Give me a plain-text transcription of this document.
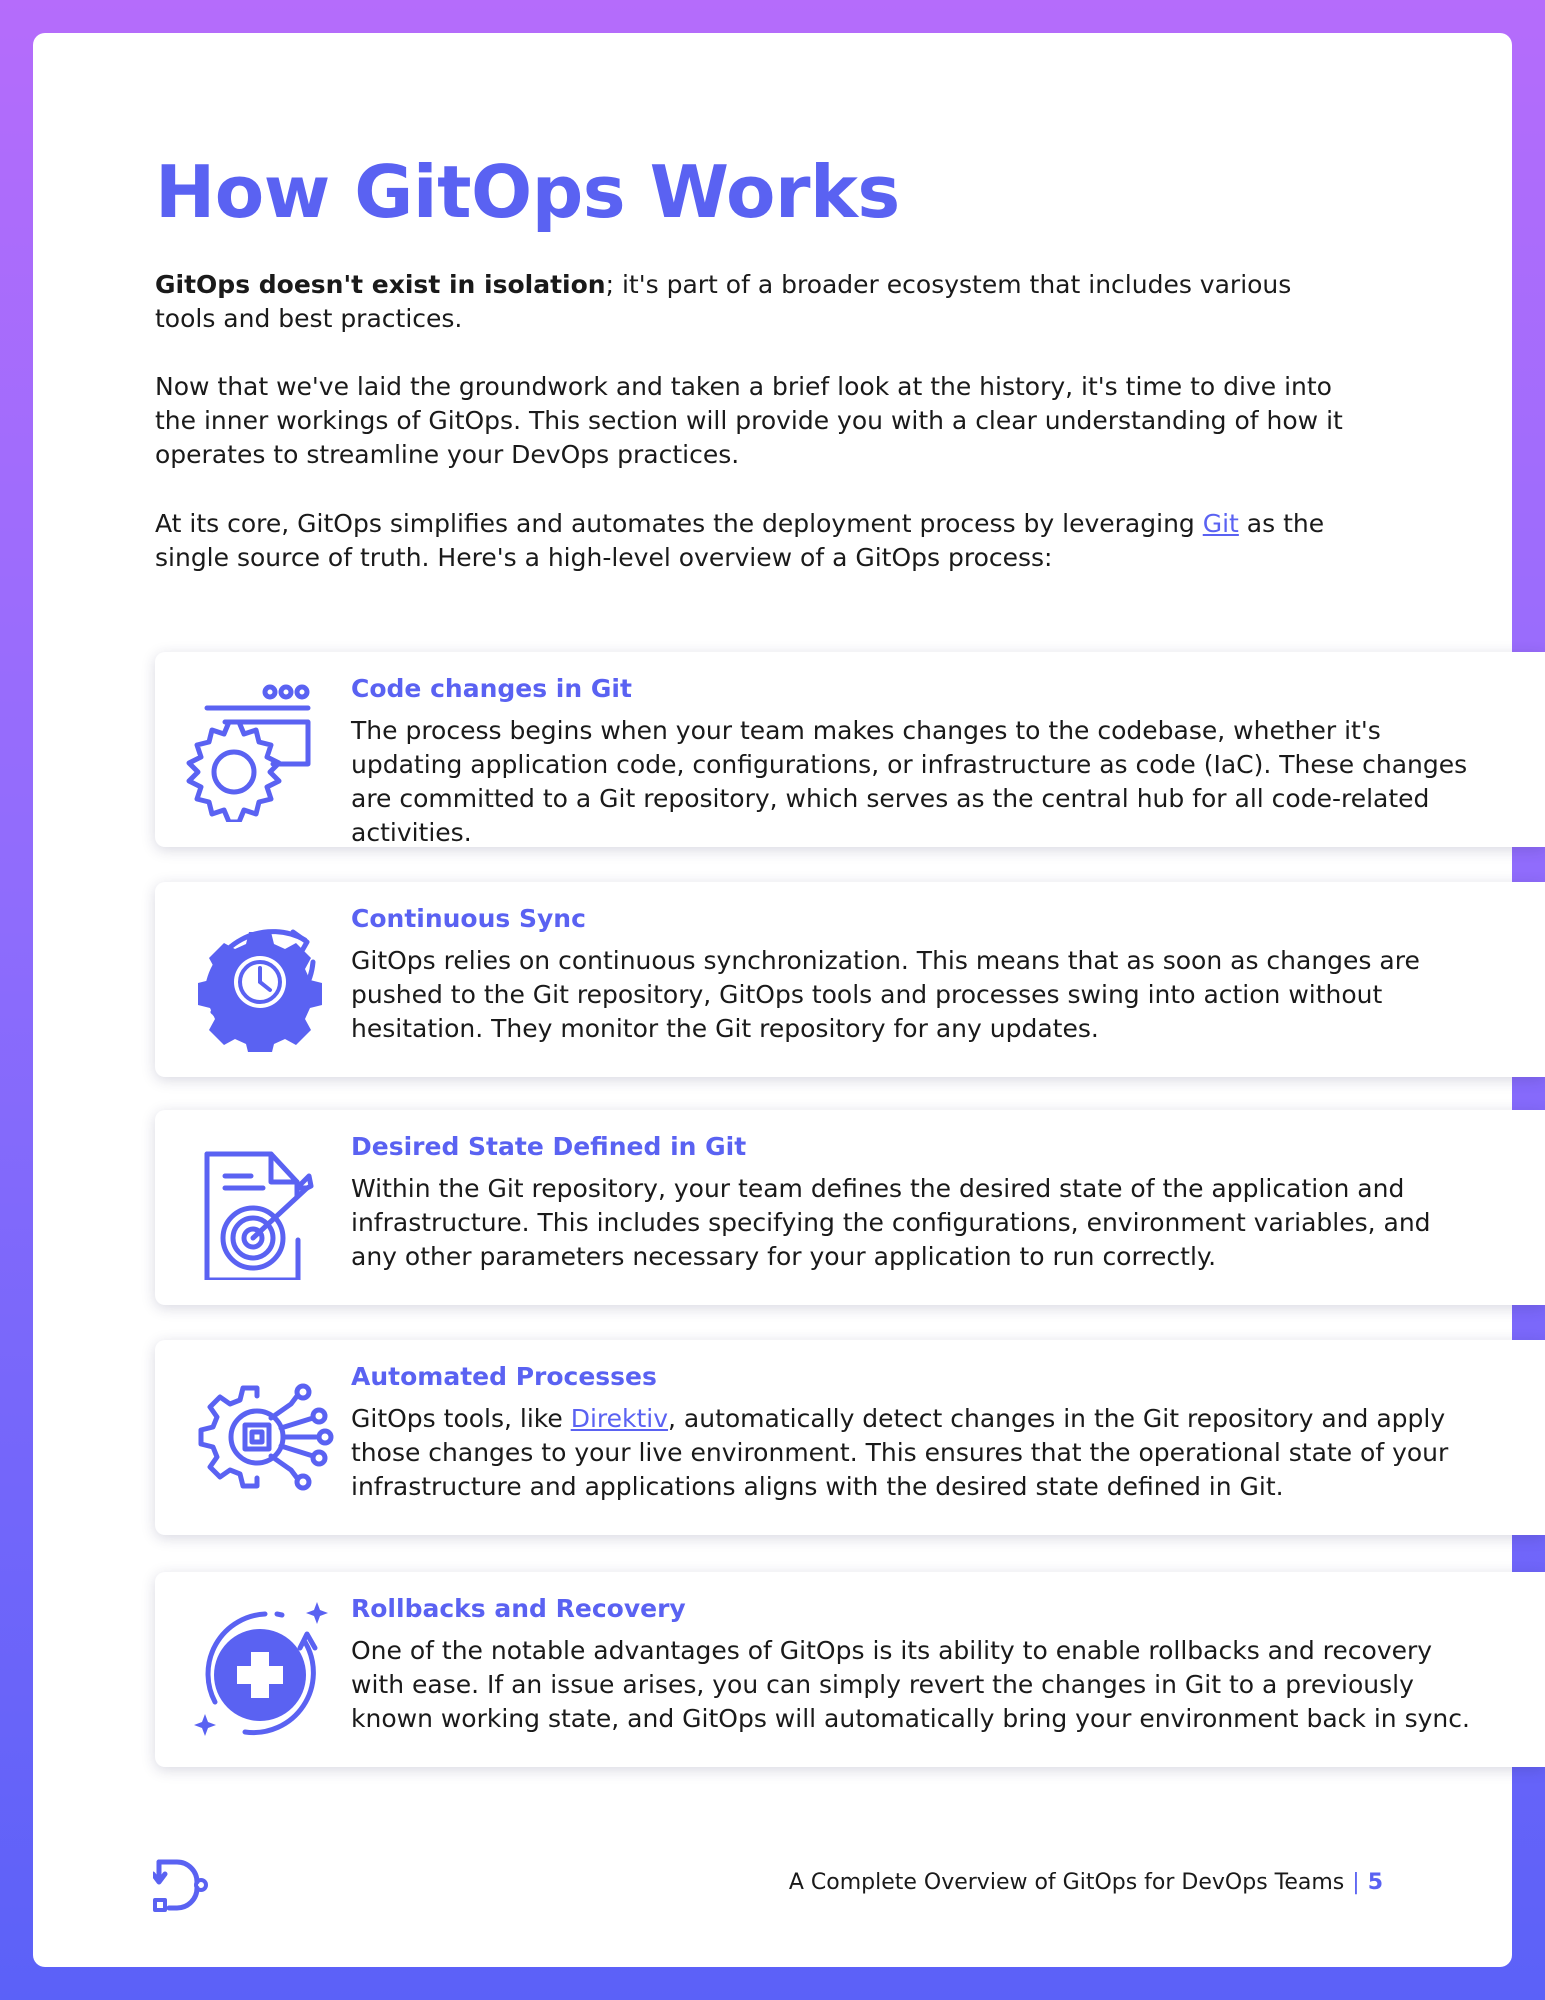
How GitOps Works

GitOps doesn't exist in isolation; it's part of a broader ecosystem that includes various tools and best practices.

Now that we've laid the groundwork and taken a brief look at the history, it's time to dive into the inner workings of GitOps. This section will provide you with a clear understanding of how it operates to streamline your DevOps practices.

At its core, GitOps simplifies and automates the deployment process by leveraging Git as the single source of truth. Here's a high-level overview of a GitOps process:

Code changes in Git

The process begins when your team makes changes to the codebase, whether it's updating application code, configurations, or infrastructure as code (IaC). These changes are committed to a Git repository, which serves as the central hub for all code-related activities.

Continuous Sync

GitOps relies on continuous synchronization. This means that as soon as changes are pushed to the Git repository, GitOps tools and processes swing into action without hesitation. They monitor the Git repository for any updates.

Desired State Defined in Git

Within the Git repository, your team defines the desired state of the application and infrastructure. This includes specifying the configurations, environment variables, and any other parameters necessary for your application to run correctly.

Automated Processes

GitOps tools, like Direktiv, automatically detect changes in the Git repository and apply those changes to your live environment. This ensures that the operational state of your infrastructure and applications aligns with the desired state defined in Git.

Rollbacks and Recovery

One of the notable advantages of GitOps is its ability to enable rollbacks and recovery with ease. If an issue arises, you can simply revert the changes in Git to a previously known working state, and GitOps will automatically bring your environment back in sync.

A Complete Overview of GitOps for DevOps Teams | 5
